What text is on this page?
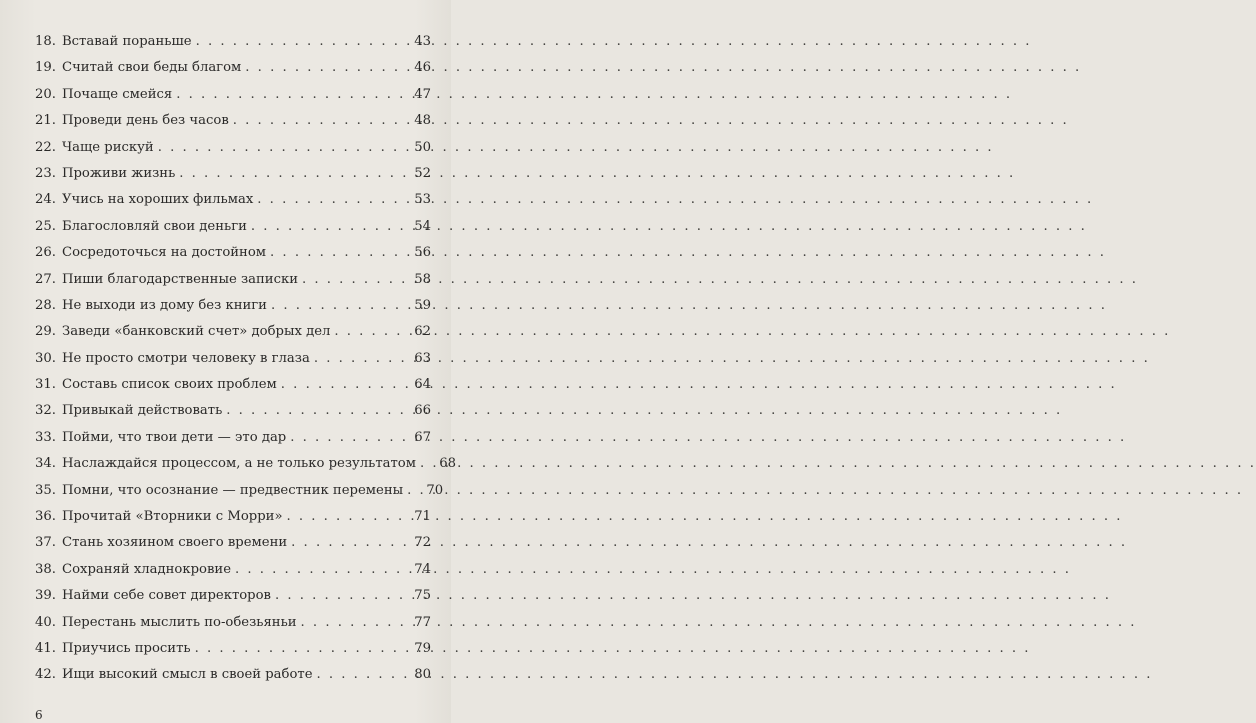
18. Вставай пораньше . . .	43
19. Считай свои беды благом . . .	46
20. Почаще смейся . . .	47
21. Проведи день без часов . . .	48
22. Чаще рискуй . . .	50
23. Проживи жизнь . . .	52
24. Учись на хороших фильмах . . .	53
25. Благословляй свои деньги . . .	54
26. Сосредоточься на достойном . . .	56
27. Пиши благодарственные записки . . .	58
28. Не выходи из дому без книги . . .	59
29. Заведи «банковский счет» добрых дел . . .	62
30. Не просто смотри человеку в глаза . . .	63
31. Составь список своих проблем . . .	64
32. Привыкай действовать . . .	66
33. Пойми, что твои дети — это дар . . .	67
34. Наслаждайся процессом, а не только результатом . . .	68
35. Помни, что осознание — предвестник перемены . . .	70
36. Прочитай «Вторники с Морри» . . .	71
37. Стань хозяином своего времени . . .	72
38. Сохраняй хладнокровие . . .	74
39. Найми себе совет директоров . . .	75
40. Перестань мыслить по-обезьяньи . . .	77
41. Приучись просить . . .	79
42. Ищи высокий смысл в своей работе . . .	80
6
